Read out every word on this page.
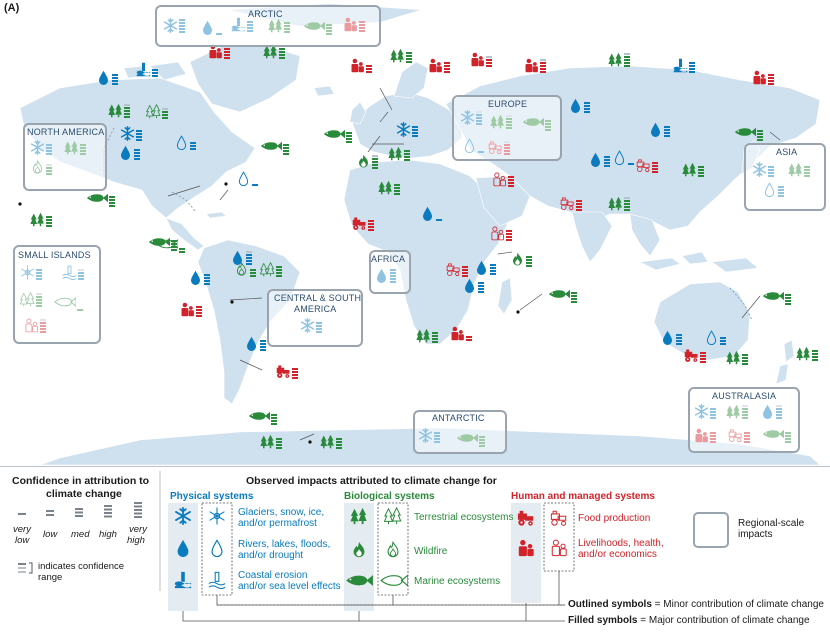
(A)	ARCTIC
NORTH AMERICA
EUROPE
ASIA
SMALL ISLANDS	AFRICA
CENTRAL & SOUTH
AMERICA
ANTARCTIC
AUSTRALASIA
Confidence in attribution to
climate change
very
low
low med high very
high
indicates confidence
range
Observed impacts attributed to climate change for
Physical systems	Biological systems	Human and managed systems
Glaciers, snow, ice,
and/or permafrost
Rivers, lakes, floods,
and/or drought
Coastal erosion
and/or sea level effects
Terrestrial ecosystems
Wildfire
Marine ecosystems
Food production
Livelihoods, health,
and/or economics
Regional-scale
impacts
Outlined symbols = Minor contribution of climate change
Filled symbols = Major contribution of climate change
